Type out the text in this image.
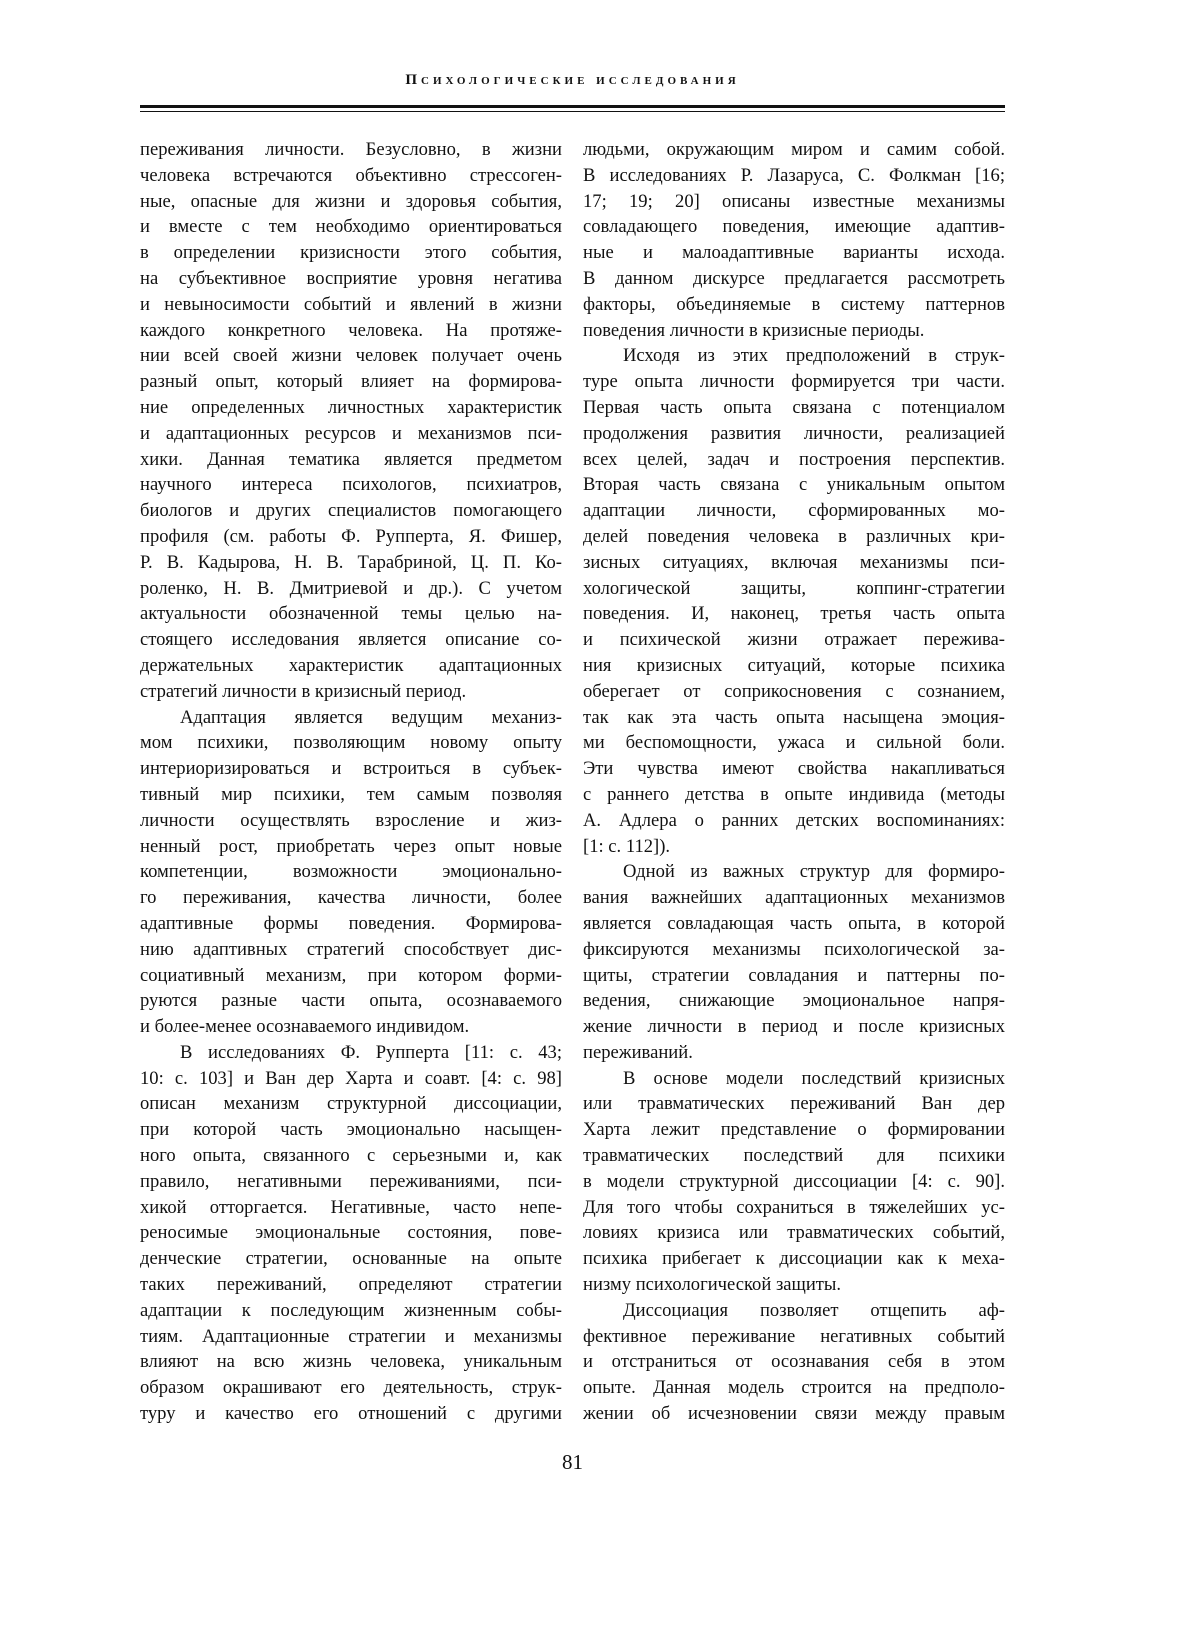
Психологические исследования
переживания личности. Безусловно, в жизни
человека встречаются объективно стрессоген-
ные, опасные для жизни и здоровья события,
и вместе с тем необходимо ориентироваться
в определении кризисности этого события,
на субъективное восприятие уровня негатива
и невыносимости событий и явлений в жизни
каждого конкретного человека. На протяже-
нии всей своей жизни человек получает очень
разный опыт, который влияет на формирова-
ние определенных личностных характеристик
и адаптационных ресурсов и механизмов пси-
хики. Данная тематика является предметом
научного интереса психологов, психиатров,
биологов и других специалистов помогающего
профиля (см. работы Ф. Рупперта, Я. Фишер,
Р. В. Кадырова, Н. В. Тарабриной, Ц. П. Ко-
роленко, Н. В. Дмитриевой и др.). С учетом
актуальности обозначенной темы целью на-
стоящего исследования является описание со-
держательных характеристик адаптационных
стратегий личности в кризисный период.
Адаптация является ведущим механиз-
мом психики, позволяющим новому опыту
интериоризироваться и встроиться в субъек-
тивный мир психики, тем самым позволяя
личности осуществлять взросление и жиз-
ненный рост, приобретать через опыт новые
компетенции, возможности эмоционально-
го переживания, качества личности, более
адаптивные формы поведения. Формирова-
нию адаптивных стратегий способствует дис-
социативный механизм, при котором форми-
руются разные части опыта, осознаваемого
и более-менее осознаваемого индивидом.
В исследованиях Ф. Рупперта [11: с. 43;
10: с. 103] и Ван дер Харта и соавт. [4: с. 98]
описан механизм структурной диссоциации,
при которой часть эмоционально насыщен-
ного опыта, связанного с серьезными и, как
правило, негативными переживаниями, пси-
хикой отторгается. Негативные, часто непе-
реносимые эмоциональные состояния, пове-
денческие стратегии, основанные на опыте
таких переживаний, определяют стратегии
адаптации к последующим жизненным собы-
тиям. Адаптационные стратегии и механизмы
влияют на всю жизнь человека, уникальным
образом окрашивают его деятельность, струк-
туру и качество его отношений с другими
людьми, окружающим миром и самим собой.
В исследованиях Р. Лазаруса, С. Фолкман [16;
17; 19; 20] описаны известные механизмы
совладающего поведения, имеющие адаптив-
ные и малоадаптивные варианты исхода.
В данном дискурсе предлагается рассмотреть
факторы, объединяемые в систему паттернов
поведения личности в кризисные периоды.
Исходя из этих предположений в струк-
туре опыта личности формируется три части.
Первая часть опыта связана с потенциалом
продолжения развития личности, реализацией
всех целей, задач и построения перспектив.
Вторая часть связана с уникальным опытом
адаптации личности, сформированных мо-
делей поведения человека в различных кри-
зисных ситуациях, включая механизмы пси-
хологической защиты, коппинг-стратегии
поведения. И, наконец, третья часть опыта
и психической жизни отражает пережива-
ния кризисных ситуаций, которые психика
оберегает от соприкосновения с сознанием,
так как эта часть опыта насыщена эмоция-
ми беспомощности, ужаса и сильной боли.
Эти чувства имеют свойства накапливаться
с раннего детства в опыте индивида (методы
А. Адлера о ранних детских воспоминаниях:
[1: с. 112]).
Одной из важных структур для формиро-
вания важнейших адаптационных механизмов
является совладающая часть опыта, в которой
фиксируются механизмы психологической за-
щиты, стратегии совладания и паттерны по-
ведения, снижающие эмоциональное напря-
жение личности в период и после кризисных
переживаний.
В основе модели последствий кризисных
или травматических переживаний Ван дер
Харта лежит представление о формировании
травматических последствий для психики
в модели структурной диссоциации [4: с. 90].
Для того чтобы сохраниться в тяжелейших ус-
ловиях кризиса или травматических событий,
психика прибегает к диссоциации как к меха-
низму психологической защиты.
Диссоциация позволяет отщепить аф-
фективное переживание негативных событий
и отстраниться от осознавания себя в этом
опыте. Данная модель строится на предполо-
жении об исчезновении связи между правым
81
